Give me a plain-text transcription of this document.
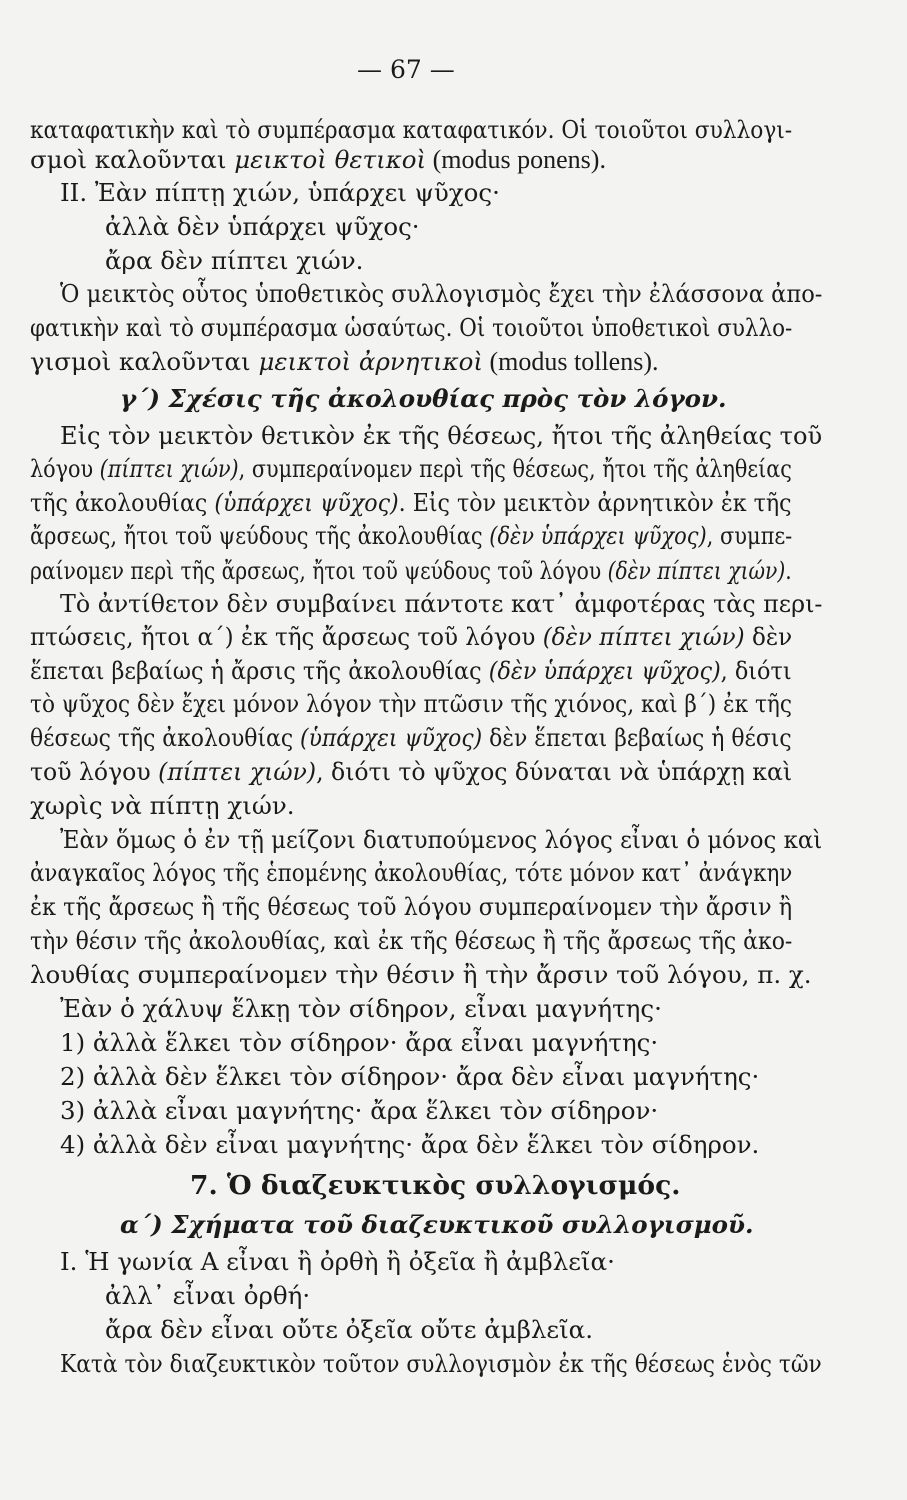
— 67 —
καταφατικὴν καὶ τὸ συμπέρασμα καταφατικόν. Οἱ τοιοῦτοι συλλογι-
σμοὶ καλοῦνται μεικτοὶ θετικοὶ (modus ponens).
II. Ἐὰν πίπτῃ χιών, ὑπάρχει ψῦχος·
ἀλλὰ δὲν ὑπάρχει ψῦχος·
ἄρα δὲν πίπτει χιών.
Ὁ μεικτὸς οὗτος ὑποθετικὸς συλλογισμὸς ἔχει τὴν ἐλάσσονα ἀπο-
φατικὴν καὶ τὸ συμπέρασμα ὡσαύτως. Οἱ τοιοῦτοι ὑποθετικοὶ συλλο-
γισμοὶ καλοῦνται μεικτοὶ ἀρνητικοὶ (modus tollens).
γ΄) Σχέσις τῆς ἀκολουθίας πρὸς τὸν λόγον.
Εἰς τὸν μεικτὸν θετικὸν ἐκ τῆς θέσεως, ἤτοι τῆς ἀληθείας τοῦ
λόγου (πίπτει χιών), συμπεραίνομεν περὶ τῆς θέσεως, ἤτοι τῆς ἀληθείας
τῆς ἀκολουθίας (ὑπάρχει ψῦχος). Εἰς τὸν μεικτὸν ἀρνητικὸν ἐκ τῆς
ἄρσεως, ἤτοι τοῦ ψεύδους τῆς ἀκολουθίας (δὲν ὑπάρχει ψῦχος), συμπε-
ραίνομεν περὶ τῆς ἄρσεως, ἤτοι τοῦ ψεύδους τοῦ λόγου (δὲν πίπτει χιών).
Τὸ ἀντίθετον δὲν συμβαίνει πάντοτε κατ᾽ ἀμφοτέρας τὰς περι-
πτώσεις, ἤτοι α΄) ἐκ τῆς ἄρσεως τοῦ λόγου (δὲν πίπτει χιών) δὲν
ἕπεται βεβαίως ἡ ἄρσις τῆς ἀκολουθίας (δὲν ὑπάρχει ψῦχος), διότι
τὸ ψῦχος δὲν ἔχει μόνον λόγον τὴν πτῶσιν τῆς χιόνος, καὶ β΄) ἐκ τῆς
θέσεως τῆς ἀκολουθίας (ὑπάρχει ψῦχος) δὲν ἕπεται βεβαίως ἡ θέσις
τοῦ λόγου (πίπτει χιών), διότι τὸ ψῦχος δύναται νὰ ὑπάρχῃ καὶ
χωρὶς νὰ πίπτῃ χιών.
Ἐὰν ὅμως ὁ ἐν τῇ μείζονι διατυπούμενος λόγος εἶναι ὁ μόνος καὶ
ἀναγκαῖος λόγος τῆς ἑπομένης ἀκολουθίας, τότε μόνον κατ᾽ ἀνάγκην
ἐκ τῆς ἄρσεως ἢ τῆς θέσεως τοῦ λόγου συμπεραίνομεν τὴν ἄρσιν ἢ
τὴν θέσιν τῆς ἀκολουθίας, καὶ ἐκ τῆς θέσεως ἢ τῆς ἄρσεως τῆς ἀκο-
λουθίας συμπεραίνομεν τὴν θέσιν ἢ τὴν ἄρσιν τοῦ λόγου, π. χ.
Ἐὰν ὁ χάλυψ ἕλκῃ τὸν σίδηρον, εἶναι μαγνήτης·
1) ἀλλὰ ἕλκει τὸν σίδηρον· ἄρα εἶναι μαγνήτης·
2) ἀλλὰ δὲν ἕλκει τὸν σίδηρον· ἄρα δὲν εἶναι μαγνήτης·
3) ἀλλὰ εἶναι μαγνήτης· ἄρα ἕλκει τὸν σίδηρον·
4) ἀλλὰ δὲν εἶναι μαγνήτης· ἄρα δὲν ἕλκει τὸν σίδηρον.
7. Ὁ διαζευκτικὸς συλλογισμός.
α΄) Σχήματα τοῦ διαζευκτικοῦ συλλογισμοῦ.
I. Ἡ γωνία Α εἶναι ἢ ὀρθὴ ἢ ὀξεῖα ἢ ἀμβλεῖα·
ἀλλ᾽ εἶναι ὀρθή·
ἄρα δὲν εἶναι οὔτε ὀξεῖα οὔτε ἀμβλεῖα.
Κατὰ τὸν διαζευκτικὸν τοῦτον συλλογισμὸν ἐκ τῆς θέσεως ἑνὸς τῶν
